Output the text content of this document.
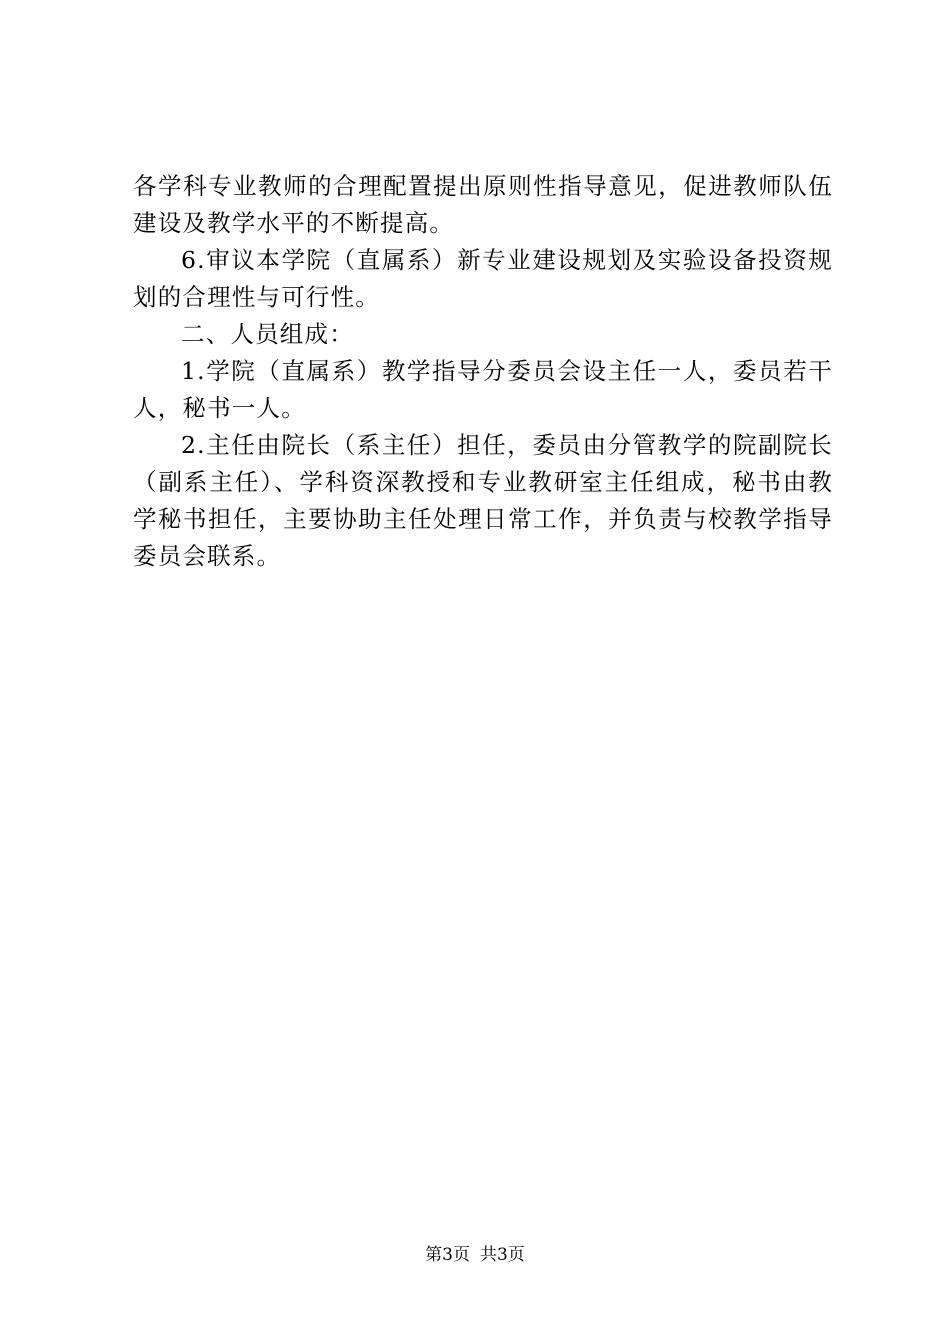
各学科专业教师的合理配置提出原则性指导意见，促进教师队伍建设及教学水平的不断提高。

6.审议本学院（直属系）新专业建设规划及实验设备投资规划的合理性与可行性。

二、人员组成：

1.学院（直属系）教学指导分委员会设主任一人，委员若干人，秘书一人。

2.主任由院长（系主任）担任，委员由分管教学的院副院长（副系主任）、学科资深教授和专业教研室主任组成，秘书由教学秘书担任，主要协助主任处理日常工作，并负责与校教学指导委员会联系。

第3页 共3页
